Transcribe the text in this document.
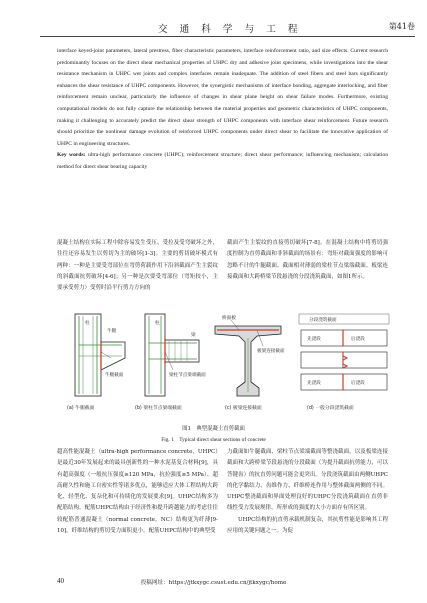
交 通 科 学 与 工 程	第41卷

interface keyed-joint parameters, lateral prestress, fiber characteristic parameters, interface reinforcement ratio, and size effects. Current research predominantly focuses on the direct shear mechanical properties of UHPC dry and adhesive joint specimens, while investigations into the shear resistance mechanism in UHPC wet joints and complex interfaces remain inadequate. The addition of steel fibers and steel bars significantly enhances the shear resistance of UHPC components. However, the synergistic mechanisms of interface bonding, aggregate interlocking, and fiber reinforcement remain unclear, particularly the influence of changes in shear plane height on shear failure modes. Furthermore, existing computational models do not fully capture the relationship between the material properties and geometric characteristics of UHPC components, making it challenging to accurately predict the direct shear strength of UHPC components with interface shear reinforcement. Future research should prioritize the nonlinear damage evolution of reinforced UHPC components under direct shear to facilitate the innovative application of UHPC in engineering structures.

Key words: ultra-high performance concrete (UHPC); reinforcement structure; direct shear performance; influencing mechanism; calculation method for direct shear bearing capacity

混凝土结构在实际工程中除容易发生受压、受拉及受弯破坏之外，往往还容易发生以剪切为主的破坏[1-3]。主要的剪切破坏模式有两种：一种是主要受弯部位在弯剪荷载作用下沿斜截面产生主裂纹的斜截面抗剪破坏[4-6]；另一种是次要受弯部位（弯矩较小，主要承受剪力）受剪时沿平行剪力方向的
截面产生主裂纹的直接剪切破坏[7-8]。在混凝土结构中将剪切强度控制为直剪截面和非斜截面的场景有：弯矩对截面强度的影响可忽略不计的牛腿截面、截面相对薄弱的梁柱节点梁端截面、板梁连接截面和大跨桥梁节段悬浇的分段浇筑截面，如图1所示。
柱
牛腿
牛腿截面
(a) 牛腿截面
柱
梁
梁柱节点梁端截面
(b) 梁柱节点梁端截面
桥面板
板梁连接截面
(c) 板梁连接截面
分段浇筑截面
先浇段	后浇段
先浇段	后浇段
(d) 一般分段浇筑截面
图1　典型混凝土直剪截面
Fig. 1　Typical direct shear sections of concrete
超高性能混凝土（ultra-high performance concrete，UHPC）是最近30年发展起来的最具创新性的一种水泥基复合材料[9]，具有超高强度（一般抗压强度≥120 MPa，抗拉强度≥5 MPa）、超高耐久性和施工自密实性等诸多优点，能够适应大体工程结构大跨化、轻型化、复杂化和可持续化的发展要求[9]。UHPC结构多为配筋结构。配筋UHPC结构由于经济性和提升跨越能力的考虑往往较配筋普通混凝土（normal concrete，NC）结构更为纤薄[9-10]，纤维结构的剪切受力面积更小。配筋UHPC结构中的典型受
力截面如牛腿截面、梁柱节点梁端截面等整浇截面，以及板梁连接截面和大跨桥梁节段悬浇的分段截面（为提升截面抗剪能力，可以答键齿）的抗直剪问题可能会更突出。分段浇筑截面由两侧UHPC的化学黏结力、齿维作力、纤维桥连作用与整体截面两侧的不同。UHPC整浇截面和界面处理良好的UHPC分段浇筑截面在直剪非线性受力发展规律、所形成的强度的大小方面存有所区别。
　　UHPC结构的抗直剪承载机制复杂，其抗剪性能是影响其工程应用的关键问题之一。为促
40	投稿网址：https://jtkxygc.csust.edu.cn/jtkxygc/home
